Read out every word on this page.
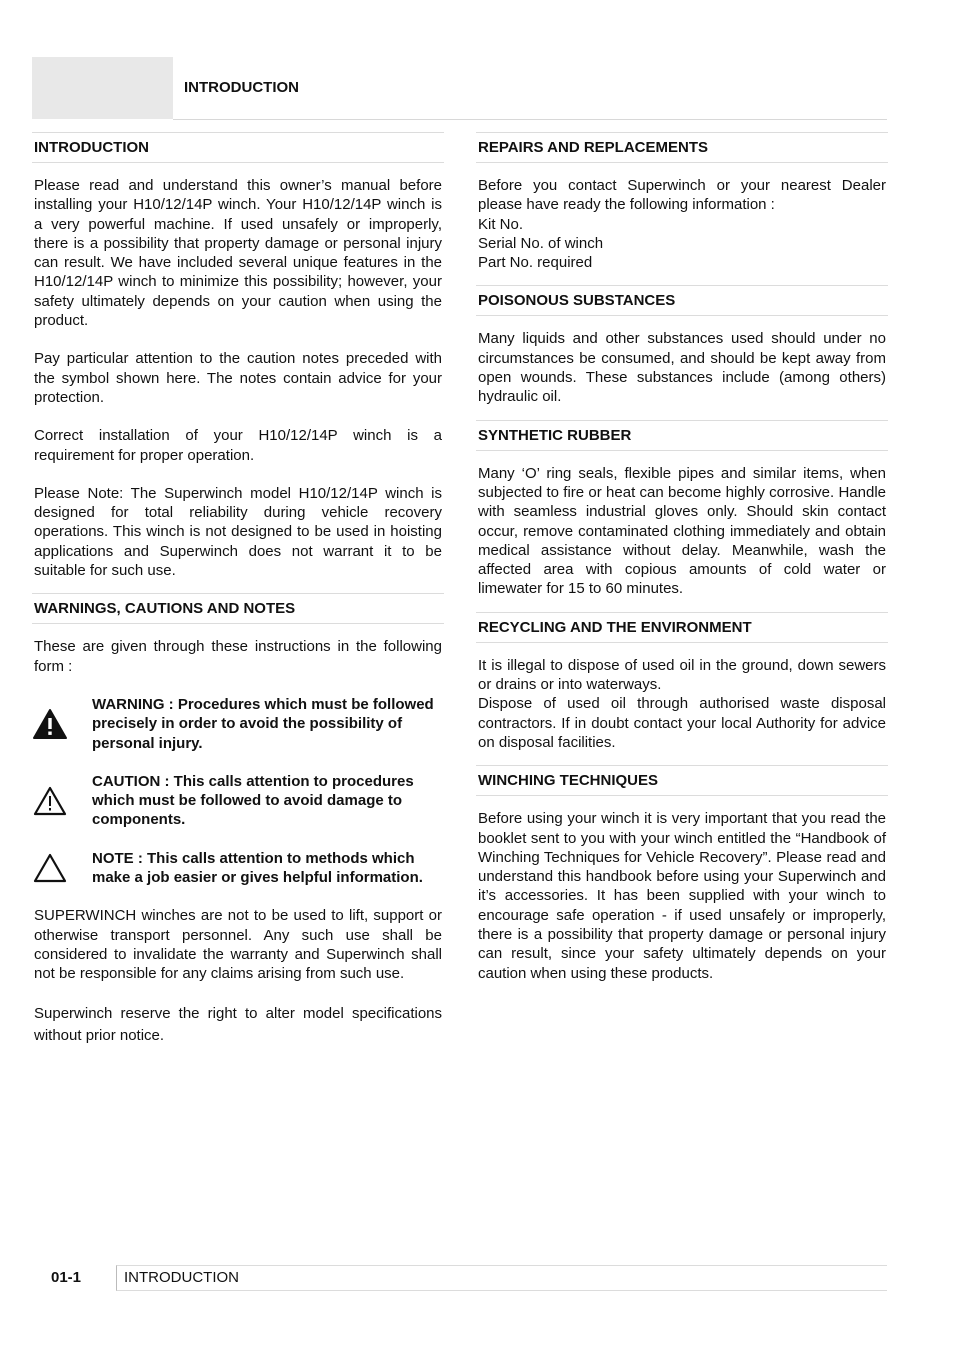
INTRODUCTION
INTRODUCTION

Please read and understand this owner’s manual before installing your H10/12/14P winch. Your H10/12/14P winch is a very powerful machine. If used unsafely or improperly, there is a possibility that property damage or personal injury can result. We have included several unique features in the H10/12/14P winch to minimize this possibility; however, your safety ultimately depends on your caution when using the product.

Pay particular attention to the caution notes preceded with the symbol shown here. The notes contain advice for your protection.

Correct installation of your H10/12/14P winch is a requirement for proper operation.

Please Note: The Superwinch model H10/12/14P winch is designed for total reliability during vehicle recovery operations. This winch is not designed to be used in hoisting applications and Superwinch does not warrant it to be suitable for such use.

WARNINGS, CAUTIONS AND NOTES

These are given through these instructions in the following form :

WARNING : Procedures which must be followed precisely in order to avoid the possibility of personal injury.
CAUTION : This calls attention to procedures which must be followed to avoid damage to components.
NOTE : This calls attention to methods which make a job easier or gives helpful information.

SUPERWINCH winches are not to be used to lift, support or otherwise transport personnel. Any such use shall be considered to invalidate the warranty and Superwinch shall not be responsible for any claims arising from such use.

Superwinch reserve the right to alter model specifications without prior notice.

REPAIRS AND REPLACEMENTS

Before you contact Superwinch or your nearest Dealer please have ready the following information :

Kit No.
Serial No. of winch
Part No. required
POISONOUS SUBSTANCES

Many liquids and other substances used should under no circumstances be consumed, and should be kept away from open wounds. These substances include (among others) hydraulic oil.

SYNTHETIC RUBBER

Many ‘O’ ring seals, flexible pipes and similar items, when subjected to fire or heat can become highly corrosive. Handle with seamless industrial gloves only. Should skin contact occur, remove contaminated clothing immediately and obtain medical assistance without delay. Meanwhile, wash the affected area with copious amounts of cold water or limewater for 15 to 60 minutes.

RECYCLING AND THE ENVIRONMENT

It is illegal to dispose of used oil in the ground, down sewers or drains or into waterways.

Dispose of used oil through authorised waste disposal contractors. If in doubt contact your local Authority for advice on disposal facilities.

WINCHING TECHNIQUES

Before using your winch it is very important that you read the booklet sent to you with your winch entitled the “Handbook of Winching Techniques for Vehicle Recovery”. Please read and understand this handbook before using your Superwinch and it’s accessories. It has been supplied with your winch to encourage safe operation - if used unsafely or improperly, there is a possibility that property damage or personal injury can result, since your safety ultimately depends on your caution when using these products.

01-1	INTRODUCTION
